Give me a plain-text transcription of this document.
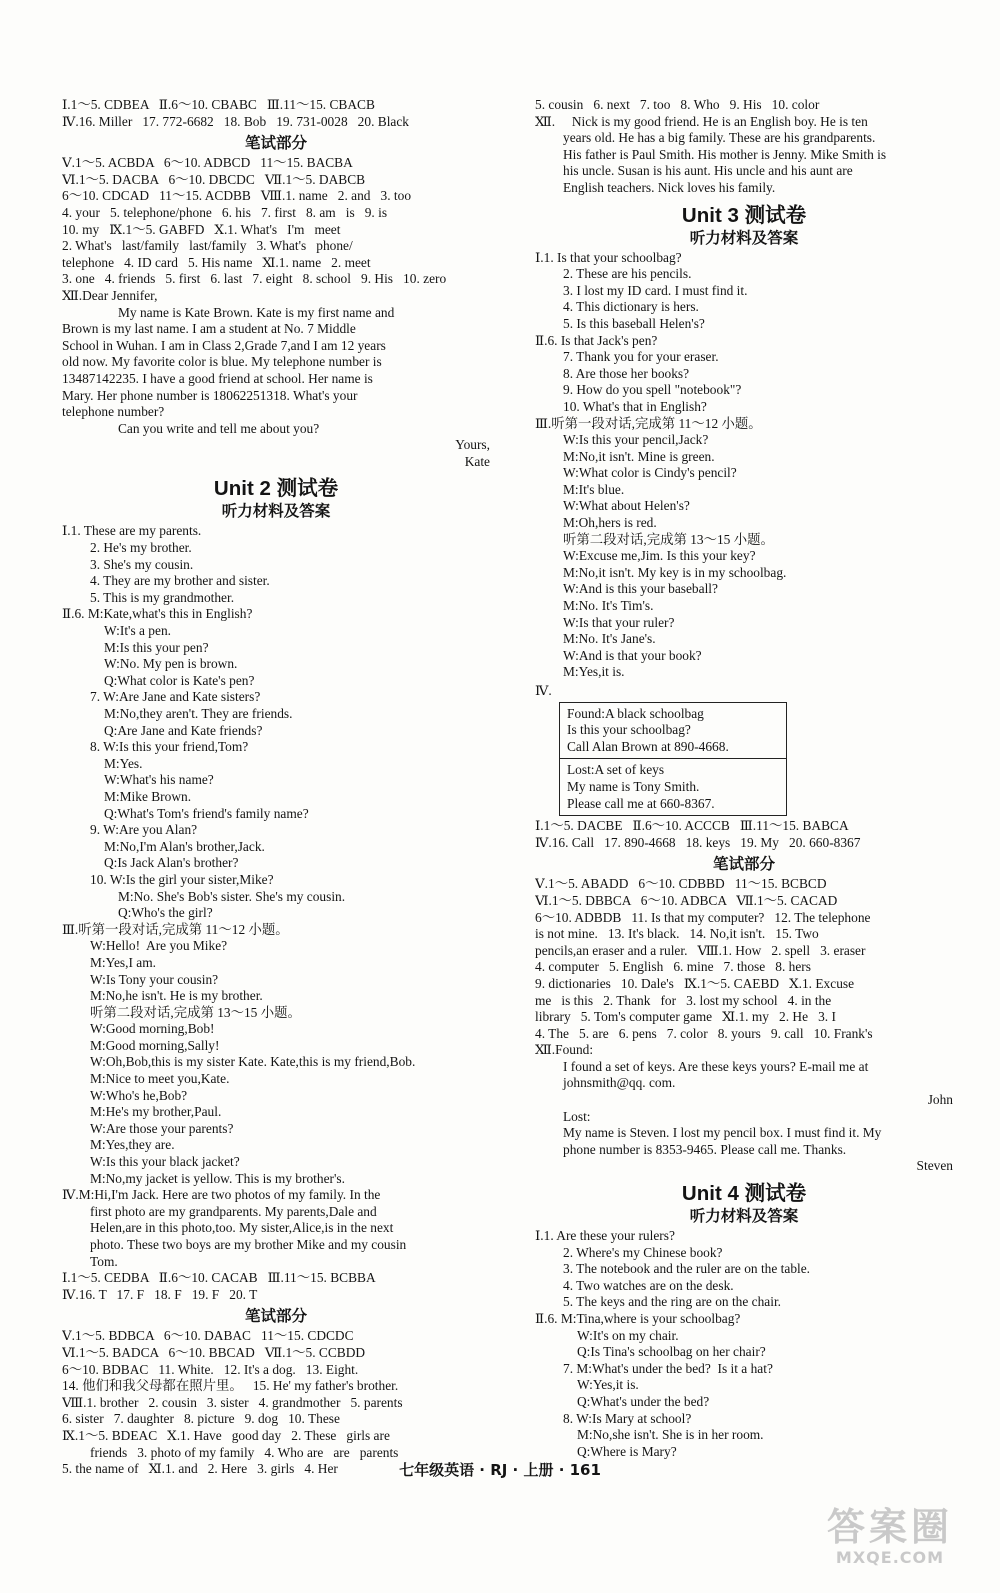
Ⅰ.1～5. CDBEA   Ⅱ.6～10. CBABC   Ⅲ.11～15. CBACB
Ⅳ.16. Miller   17. 772-6682   18. Bob   19. 731-0028   20. Black
笔试部分
Ⅴ.1～5. ACBDA   6～10. ADBCD   11～15. BACBA
Ⅵ.1～5. DACBA   6～10. DBCDC   Ⅶ.1～5. DABCB
6～10. CDCAD   11～15. ACDBB   Ⅷ.1. name   2. and   3. too
4. your   5. telephone/phone   6. his   7. first   8. am   is   9. is
10. my   Ⅸ.1～5. GABFD   Ⅹ.1. What's   I'm   meet
2. What's   last/family   last/family   3. What's   phone/
telephone   4. ID card   5. His name   Ⅺ.1. name   2. meet
3. one   4. friends   5. first   6. last   7. eight   8. school   9. His   10. zero
Ⅻ.Dear Jennifer,
My name is Kate Brown. Kate is my first name and
Brown is my last name. I am a student at No. 7 Middle
School in Wuhan. I am in Class 2,Grade 7,and I am 12 years
old now. My favorite color is blue. My telephone number is
13487142235. I have a good friend at school. Her name is
Mary. Her phone number is 18062251318. What's your
telephone number?
Can you write and tell me about you?
Yours,
Kate
Unit 2 测试卷
听力材料及答案
Ⅰ.1. These are my parents.
2. He's my brother.
3. She's my cousin.
4. They are my brother and sister.
5. This is my grandmother.
Ⅱ.6. M:Kate,what's this in English?
W:It's a pen.
M:Is this your pen?
W:No. My pen is brown.
Q:What color is Kate's pen?
7. W:Are Jane and Kate sisters?
M:No,they aren't. They are friends.
Q:Are Jane and Kate friends?
8. W:Is this your friend,Tom?
M:Yes.
W:What's his name?
M:Mike Brown.
Q:What's Tom's friend's family name?
9. W:Are you Alan?
M:No,I'm Alan's brother,Jack.
Q:Is Jack Alan's brother?
10. W:Is the girl your sister,Mike?
M:No. She's Bob's sister. She's my cousin.
Q:Who's the girl?
Ⅲ.听第一段对话,完成第 11～12 小题。
W:Hello!  Are you Mike?
M:Yes,I am.
W:Is Tony your cousin?
M:No,he isn't. He is my brother.
听第二段对话,完成第 13～15 小题。
W:Good morning,Bob!
M:Good morning,Sally!
W:Oh,Bob,this is my sister Kate. Kate,this is my friend,Bob.
M:Nice to meet you,Kate.
W:Who's he,Bob?
M:He's my brother,Paul.
W:Are those your parents?
M:Yes,they are.
W:Is this your black jacket?
M:No,my jacket is yellow. This is my brother's.
Ⅳ.M:Hi,I'm Jack. Here are two photos of my family. In the
first photo are my grandparents. My parents,Dale and
Helen,are in this photo,too. My sister,Alice,is in the next
photo. These two boys are my brother Mike and my cousin
Tom.
Ⅰ.1～5. CEDBA   Ⅱ.6～10. CACAB   Ⅲ.11～15. BCBBA
Ⅳ.16. T   17. F   18. F   19. F   20. T
笔试部分
Ⅴ.1～5. BDBCA   6～10. DABAC   11～15. CDCDC
Ⅵ.1～5. BADCA   6～10. BBCAD   Ⅶ.1～5. CCBDD
6～10. BDBAC   11. White.   12. It's a dog.   13. Eight.
14. 他们和我父母都在照片里。   15. He' my father's brother.
Ⅷ.1. brother   2. cousin   3. sister   4. grandmother   5. parents
6. sister   7. daughter   8. picture   9. dog   10. These
Ⅸ.1～5. BDEAC   Ⅹ.1. Have   good day   2. These   girls are
friends   3. photo of my family   4. Who are   are   parents
5. the name of   Ⅺ.1. and   2. Here   3. girls   4. Her
5. cousin   6. next   7. too   8. Who   9. His   10. color
Ⅻ.     Nick is my good friend. He is an English boy. He is ten
years old. He has a big family. These are his grandparents.
His father is Paul Smith. His mother is Jenny. Mike Smith is
his uncle. Susan is his aunt. His uncle and his aunt are
English teachers. Nick loves his family.
Unit 3 测试卷
听力材料及答案
Ⅰ.1. Is that your schoolbag?
2. These are his pencils.
3. I lost my ID card. I must find it.
4. This dictionary is hers.
5. Is this baseball Helen's?
Ⅱ.6. Is that Jack's pen?
7. Thank you for your eraser.
8. Are those her books?
9. How do you spell "notebook"?
10. What's that in English?
Ⅲ.听第一段对话,完成第 11～12 小题。
W:Is this your pencil,Jack?
M:No,it isn't. Mine is green.
W:What color is Cindy's pencil?
M:It's blue.
W:What about Helen's?
M:Oh,hers is red.
听第二段对话,完成第 13～15 小题。
W:Excuse me,Jim. Is this your key?
M:No,it isn't. My key is in my schoolbag.
W:And is this your baseball?
M:No. It's Tim's.
W:Is that your ruler?
M:No. It's Jane's.
W:And is that your book?
M:Yes,it is.
Ⅳ.
Found:A black schoolbag
Is this your schoolbag?
Call Alan Brown at 890-4668.
Lost:A set of keys
My name is Tony Smith.
Please call me at 660-8367.
Ⅰ.1～5. DACBE   Ⅱ.6～10. ACCCB   Ⅲ.11～15. BABCA
Ⅳ.16. Call   17. 890-4668   18. keys   19. My   20. 660-8367
笔试部分
Ⅴ.1～5. ABADD   6～10. CDBBD   11～15. BCBCD
Ⅵ.1～5. DBBCA   6～10. ADBCA   Ⅶ.1～5. CACAD
6～10. ADBDB   11. Is that my computer?   12. The telephone
is not mine.   13. It's black.   14. No,it isn't.   15. Two
pencils,an eraser and a ruler.   Ⅷ.1. How   2. spell   3. eraser
4. computer   5. English   6. mine   7. those   8. hers
9. dictionaries   10. Dale's   Ⅸ.1～5. CAEBD   Ⅹ.1. Excuse
me   is this   2. Thank   for   3. lost my school   4. in the
library   5. Tom's computer game   Ⅺ.1. my   2. He   3. I
4. The   5. are   6. pens   7. color   8. yours   9. call   10. Frank's
Ⅻ.Found:
I found a set of keys. Are these keys yours? E-mail me at
johnsmith@qq. com.
John
Lost:
My name is Steven. I lost my pencil box. I must find it. My
phone number is 8353-9465. Please call me. Thanks.
Steven
Unit 4 测试卷
听力材料及答案
Ⅰ.1. Are these your rulers?
2. Where's my Chinese book?
3. The notebook and the ruler are on the table.
4. Two watches are on the desk.
5. The keys and the ring are on the chair.
Ⅱ.6. M:Tina,where is your schoolbag?
W:It's on my chair.
Q:Is Tina's schoolbag on her chair?
7. M:What's under the bed?  Is it a hat?
W:Yes,it is.
Q:What's under the bed?
8. W:Is Mary at school?
M:No,she isn't. She is in her room.
Q:Where is Mary?
七年级英语 · RJ · 上册 · 161
答案圈
MXQE.COM
